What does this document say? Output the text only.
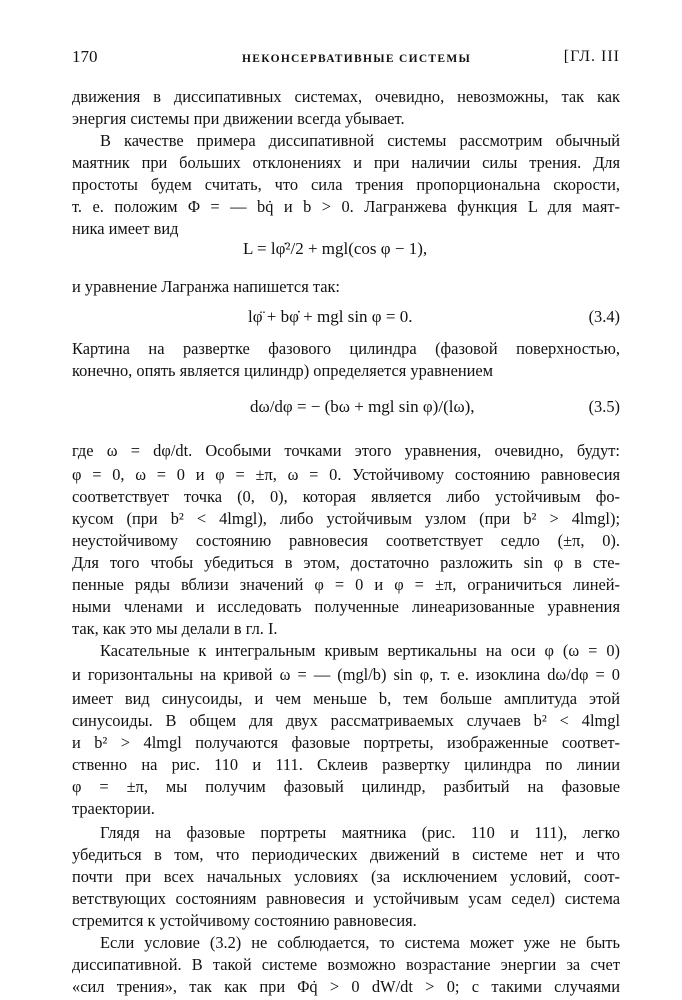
170	НЕКОНСЕРВАТИВНЫЕ СИСТЕМЫ	[ГЛ. III
движения в диссипативных системах, очевидно, невозможны, так как
энергия системы при движении всегда убывает.
В качестве примера диссипативной системы рассмотрим обычный
маятник при больших отклонениях и при наличии силы трения. Для
простоты будем считать, что сила трения пропорциональна скорости,
т. е. положим Φ = — bq̇ и b > 0. Лагранжева функция L для маят-
ника имеет вид
L = lφ̇²/2 + mgl(cos φ − 1),
и уравнение Лагранжа напишется так:
lφ̈ + bφ̇ + mgl sin φ = 0.	(3.4)
Картина на развертке фазового цилиндра (фазовой поверхностью,
конечно, опять является цилиндр) определяется уравнением
dω/dφ = − (bω + mgl sin φ)/(lω),	(3.5)
где ω = dφ/dt. Особыми точками этого уравнения, очевидно, будут:
φ = 0, ω = 0 и φ = ±π, ω = 0. Устойчивому состоянию равновесия
соответствует точка (0, 0), которая является либо устойчивым фо-
кусом (при b² < 4lmgl), либо устойчивым узлом (при b² > 4lmgl);
неустойчивому состоянию равновесия соответствует седло (±π, 0).
Для того чтобы убедиться в этом, достаточно разложить sin φ в сте-
пенные ряды вблизи значений φ = 0 и φ = ±π, ограничиться линей-
ными членами и исследовать полученные линеаризованные уравнения
так, как это мы делали в гл. I.
Касательные к интегральным кривым вертикальны на оси φ (ω = 0)
и горизонтальны на кривой ω = — (mgl/b) sin φ, т. е. изоклина dω/dφ = 0
имеет вид синусоиды, и чем меньше b, тем больше амплитуда этой
синусоиды. В общем для двух рассматриваемых случаев b² < 4lmgl
и b² > 4lmgl получаются фазовые портреты, изображенные соответ-
ственно на рис. 110 и 111. Склеив развертку цилиндра по линии
φ = ±π, мы получим фазовый цилиндр, разбитый на фазовые
траектории.
Глядя на фазовые портреты маятника (рис. 110 и 111), легко
убедиться в том, что периодических движений в системе нет и что
почти при всех начальных условиях (за исключением условий, соот-
ветствующих состояниям равновесия и устойчивым усам седел) система
стремится к устойчивому состоянию равновесия.
Если условие (3.2) не соблюдается, то система может уже не быть
диссипативной. В такой системе возможно возрастание энергии за счет
«сил трения», так как при Φq̇ > 0 dW/dt > 0; с такими случаями
